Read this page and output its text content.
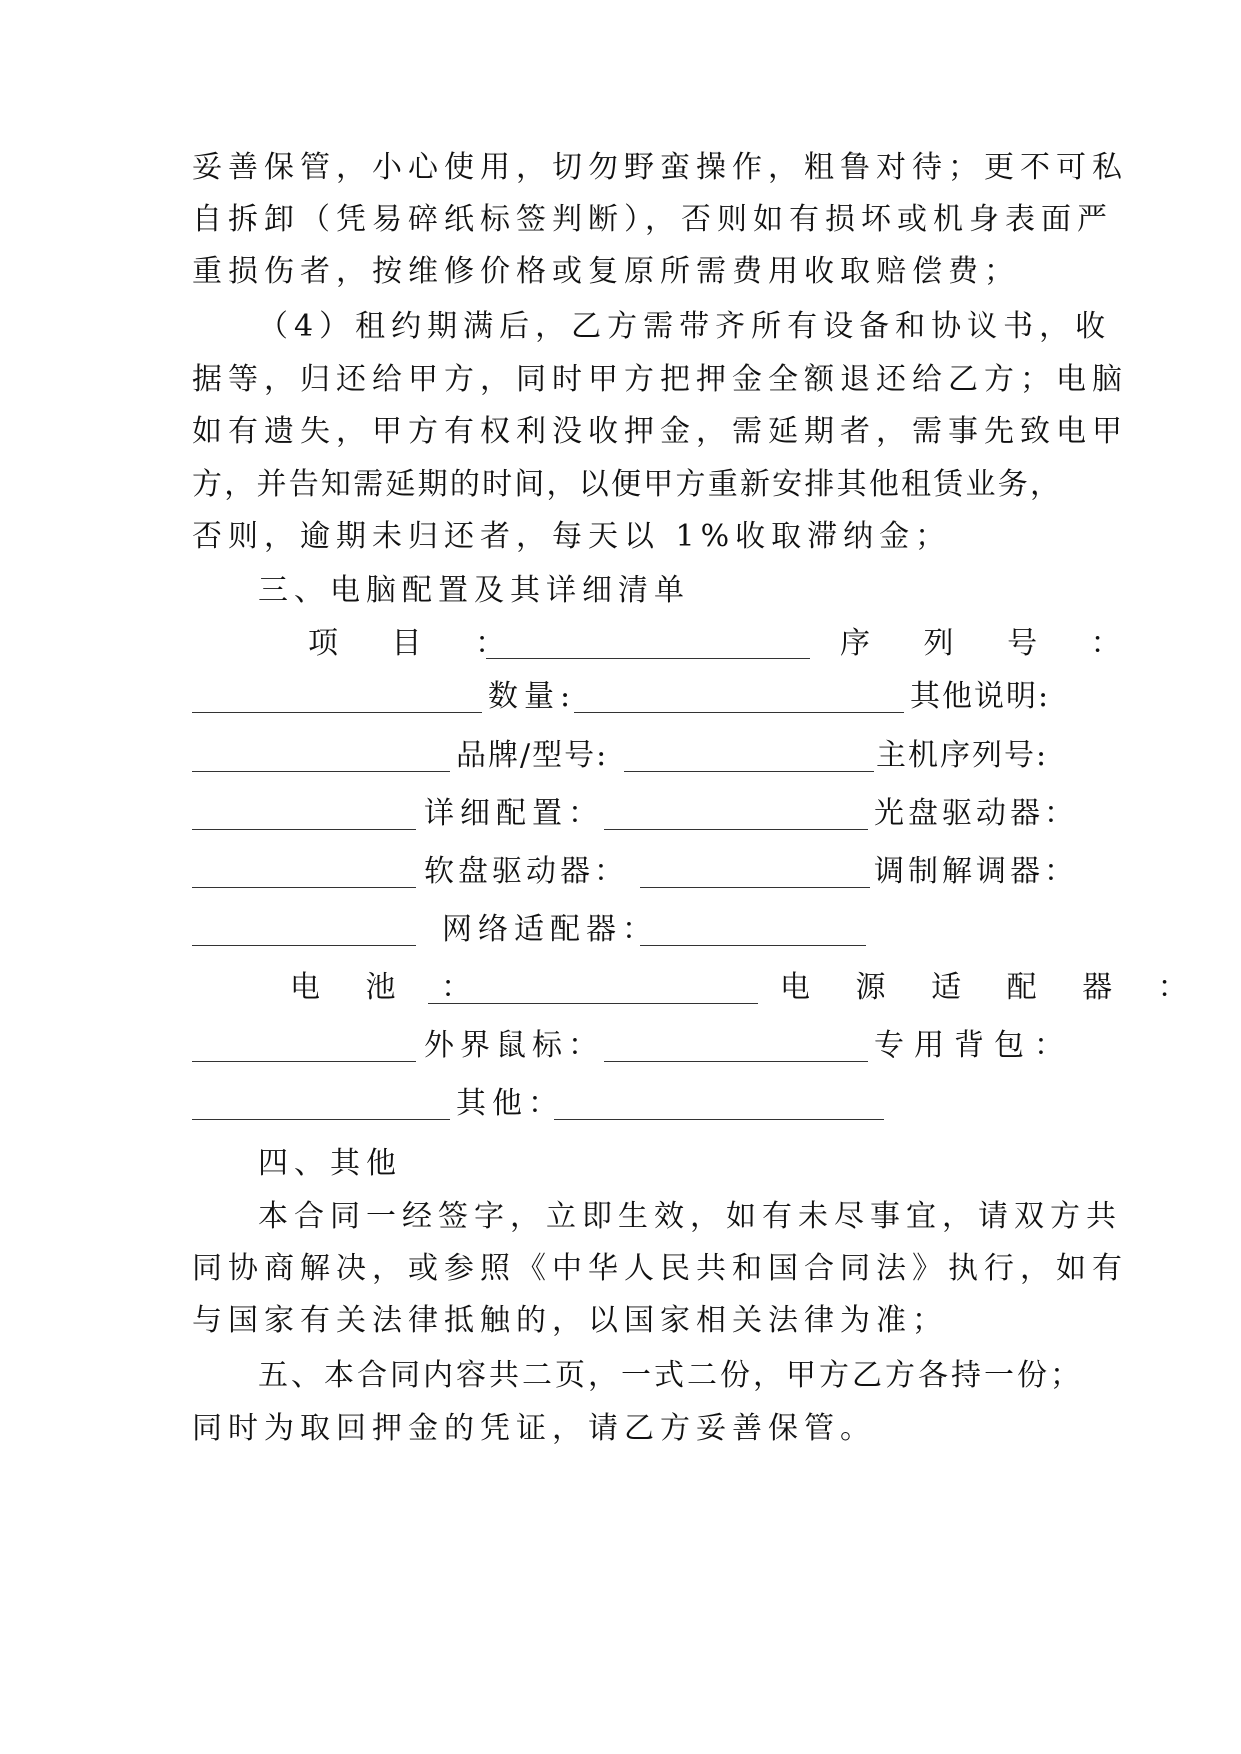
妥善保管，小心使用，切勿野蛮操作，粗鲁对待；更不可私
自拆卸（凭易碎纸标签判断），否则如有损坏或机身表面严
重损伤者，按维修价格或复原所需费用收取赔偿费；
（4）租约期满后，乙方需带齐所有设备和协议书，收
据等，归还给甲方，同时甲方把押金全额退还给乙方；电脑
如有遗失，甲方有权利没收押金，需延期者，需事先致电甲
方，并告知需延期的时间，以便甲方重新安排其他租赁业务，
否则，逾期未归还者，每天以 1%收取滞纳金；
三、电脑配置及其详细清单
项 目 ：	序 列 号 ：
数量:	其他说明:
品牌/型号:	主机序列号:
详细配置：	光盘驱动器：
软盘驱动器：	调制解调器：
网络适配器：
电 池 ：	电 源 适 配 器 ：
外界鼠标：	专用背包：
其他：
四、其他
本合同一经签字，立即生效，如有未尽事宜，请双方共
同协商解决，或参照《中华人民共和国合同法》执行，如有
与国家有关法律抵触的，以国家相关法律为准；
五、本合同内容共二页，一式二份，甲方乙方各持一份；
同时为取回押金的凭证，请乙方妥善保管。
